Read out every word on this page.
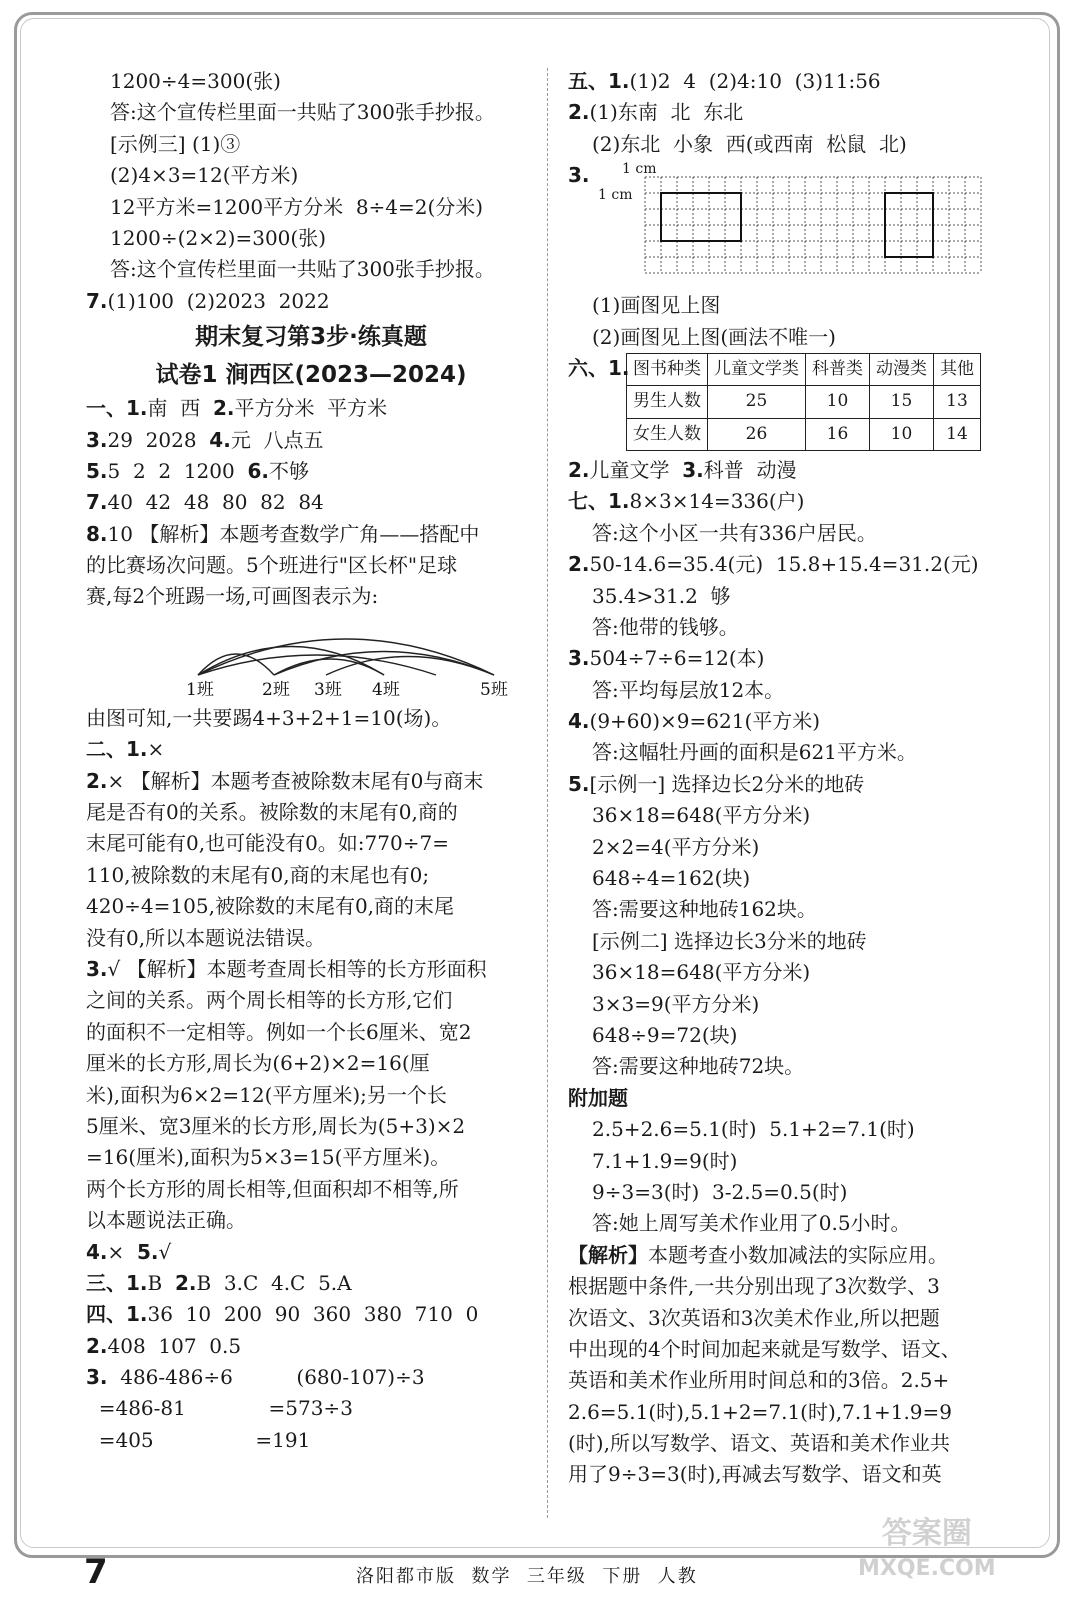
1200÷4=300(张)
答:这个宣传栏里面一共贴了300张手抄报。
[示例三] (1)③
(2)4×3=12(平方米)
12平方米=1200平方分米  8÷4=2(分米)
1200÷(2×2)=300(张)
答:这个宣传栏里面一共贴了300张手抄报。
7.(1)100  (2)2023  2022
期末复习第3步·练真题
试卷1 涧西区(2023—2024)
一、1.南  西  2.平方分米  平方米
3.29  2028  4.元  八点五
5.5  2  2  1200  6.不够
7.40  42  48  80  82  84
8.10 【解析】本题考查数学广角——搭配中
的比赛场次问题。5个班进行"区长杯"足球
赛,每2个班踢一场,可画图表示为:
1班	2班 3班 4班	5班
由图可知,一共要踢4+3+2+1=10(场)。
二、1.×
2.× 【解析】本题考查被除数末尾有0与商末
尾是否有0的关系。被除数的末尾有0,商的
末尾可能有0,也可能没有0。如:770÷7=
110,被除数的末尾有0,商的末尾也有0;
420÷4=105,被除数的末尾有0,商的末尾
没有0,所以本题说法错误。
3.√ 【解析】本题考查周长相等的长方形面积
之间的关系。两个周长相等的长方形,它们
的面积不一定相等。例如一个长6厘米、宽2
厘米的长方形,周长为(6+2)×2=16(厘
米),面积为6×2=12(平方厘米);另一个长
5厘米、宽3厘米的长方形,周长为(5+3)×2
=16(厘米),面积为5×3=15(平方厘米)。
两个长方形的周长相等,但面积却不相等,所
以本题说法正确。
4.×  5.√
三、1.B  2.B  3.C  4.C  5.A
四、1.36  10  200  90  360  380  710  0
2.408  107  0.5
3.  486-486÷6          (680-107)÷3
=486-81             =573÷3
=405                =191
五、1.(1)2  4  (2)4:10  (3)11:56
2.(1)东南  北  东北
(2)东北  小象  西(或西南  松鼠  北)
3. 1 cm
1 cm
(1)画图见上图
(2)画图见上图(画法不唯一)
六、1. 图书种类	儿童文学类	科普类	动漫类	其他
男生人数	25	10	15	13
女生人数	26	16	10	14
2.儿童文学  3.科普  动漫
七、1.8×3×14=336(户)
答:这个小区一共有336户居民。
2.50-14.6=35.4(元)  15.8+15.4=31.2(元)
35.4>31.2  够
答:他带的钱够。
3.504÷7÷6=12(本)
答:平均每层放12本。
4.(9+60)×9=621(平方米)
答:这幅牡丹画的面积是621平方米。
5.[示例一] 选择边长2分米的地砖
36×18=648(平方分米)
2×2=4(平方分米)
648÷4=162(块)
答:需要这种地砖162块。
[示例二] 选择边长3分米的地砖
36×18=648(平方分米)
3×3=9(平方分米)
648÷9=72(块)
答:需要这种地砖72块。
附加题
2.5+2.6=5.1(时)  5.1+2=7.1(时)
7.1+1.9=9(时)
9÷3=3(时)  3-2.5=0.5(时)
答:她上周写美术作业用了0.5小时。
【解析】本题考查小数加减法的实际应用。
根据题中条件,一共分别出现了3次数学、3
次语文、3次英语和3次美术作业,所以把题
中出现的4个时间加起来就是写数学、语文、
英语和美术作业所用时间总和的3倍。2.5+
2.6=5.1(时),5.1+2=7.1(时),7.1+1.9=9
(时),所以写数学、语文、英语和美术作业共
用了9÷3=3(时),再减去写数学、语文和英
7	洛阳都市版  数学  三年级  下册  人教
答案圈
MXQE.COM
